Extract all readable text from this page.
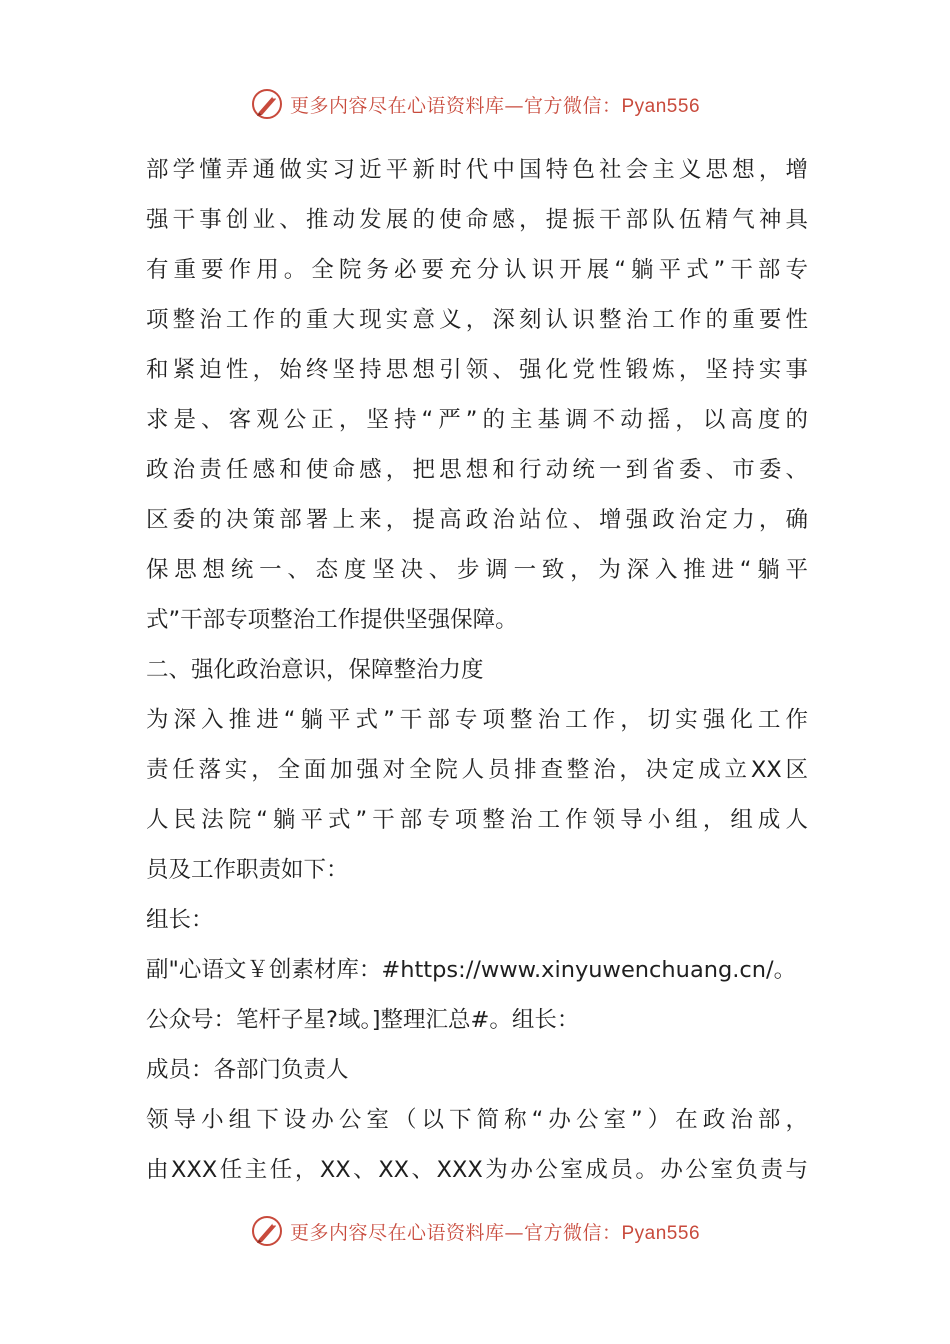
更多内容尽在心语资料库—官方微信：Pyan556
部学懂弄通做实习近平新时代中国特色社会主义思想，增
强干事创业、推动发展的使命感，提振干部队伍精气神具
有重要作用。全院务必要充分认识开展“躺平式”干部专
项整治工作的重大现实意义，深刻认识整治工作的重要性
和紧迫性，始终坚持思想引领、强化党性锻炼，坚持实事
求是、客观公正，坚持“严”的主基调不动摇，以高度的
政治责任感和使命感，把思想和行动统一到省委、市委、
区委的决策部署上来，提高政治站位、增强政治定力，确
保思想统一、态度坚决、步调一致，为深入推进“躺平
式”干部专项整治工作提供坚强保障。
二、强化政治意识，保障整治力度
为深入推进“躺平式”干部专项整治工作，切实强化工作
责任落实，全面加强对全院人员排查整治，决定成立XX区
人民法院“躺平式”干部专项整治工作领导小组，组成人
员及工作职责如下：
组长：
副"心语文￥创素材库：#https://www.xinyuwenchuang.cn/。
公众号：笔杆子星?域。]整理汇总#。组长：
成员：各部门负责人
领导小组下设办公室（以下简称“办公室”）在政治部，
由XXX任主任，XX、XX、XXX为办公室成员。办公室负责与
更多内容尽在心语资料库—官方微信：Pyan556
